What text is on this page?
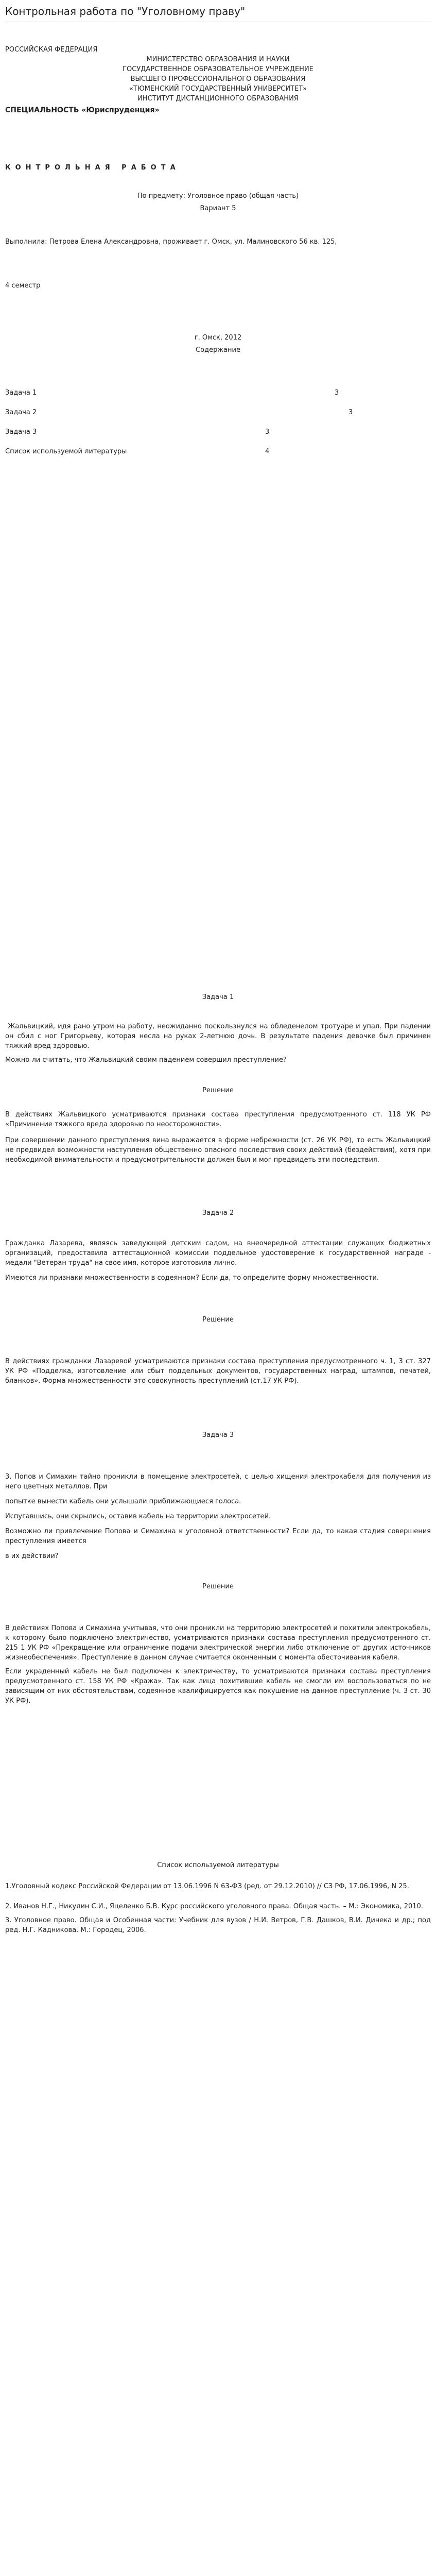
Контрольная работа по "Уголовному праву"

РОССИЙСКАЯ ФЕДЕРАЦИЯ

МИНИСТЕРСТВО ОБРАЗОВАНИЯ И НАУКИ

ГОСУДАРСТВЕННОЕ ОБРАЗОВАТЕЛЬНОЕ УЧРЕЖДЕНИЕ

ВЫСШЕГО ПРОФЕССИОНАЛЬНОГО ОБРАЗОВАНИЯ

«ТЮМЕНСКИЙ ГОСУДАРСТВЕННЫЙ УНИВЕРСИТЕТ»

ИНСТИТУТ ДИСТАНЦИОННОГО ОБРАЗОВАНИЯ

СПЕЦИАЛЬНОСТЬ «Юриспруденция»

КОНТРОЛЬНАЯ РАБОТА

По предмету: Уголовное право (общая часть)

Вариант 5

Выполнила: Петрова Елена Александровна, проживает г. Омск, ул. Малиновского 56 кв. 125,

4 семестр

г. Омск, 2012

Содержание

Задача 1	3
Задача 2	3
Задача 3	3
Список используемой литературы	4

Задача 1

Жальвицкий, идя рано утром на работу, неожиданно поскользнулся на обледенелом тротуаре и упал. При падении он сбил с ног Григорьеву, которая несла на руках 2-летнюю дочь. В результате падения девочке был причинен тяжкий вред здоровью.

Можно ли считать, что Жальвицкий своим падением совершил преступление?

Решение

В действиях Жальвицкого усматриваются признаки состава преступления предусмотренного ст. 118 УК РФ «Причинение тяжкого вреда здоровью по неосторожности».

При совершении данного преступления вина выражается в форме небрежности (ст. 26 УК РФ), то есть Жальвицкий не предвидел возможности наступления общественно опасного последствия своих действий (бездействия), хотя при необходимой внимательности и предусмотрительности должен был и мог предвидеть эти последствия.

Задача 2

Гражданка Лазарева, являясь заведующей детским садом, на внеочередной аттестации служащих бюджетных организаций, предоставила аттестационной комиссии поддельное удостоверение к государственной награде - медали "Ветеран труда" на свое имя, которое изготовила лично.

Имеются ли признаки множественности в содеянном? Если да, то определите форму множественности.

Решение

В действиях гражданки Лазаревой усматриваются признаки состава преступления предусмотренного ч. 1, 3 ст. 327 УК РФ «Подделка, изготовление или сбыт поддельных документов, государственных наград, штампов, печатей, бланков». Форма множественности это совокупность преступлений (ст.17 УК РФ).

Задача 3

3. Попов и Симахин тайно проникли в помещение электросетей, с целью хищения электрокабеля для получения из него цветных металлов. При

попытке вынести кабель они услышали приближающиеся голоса.

Испугавшись, они скрылись, оставив кабель на территории электросетей.

Возможно ли привлечение Попова и Симахина к уголовной ответственности? Если да, то какая стадия совершения преступления имеется

в их действии?

Решение

В действиях Попова и Симахина учитывая, что они проникли на территорию электросетей и похитили электрокабель, к которому было подключено электричество, усматриваются признаки состава преступления предусмотренного ст. 215 1 УК РФ «Прекращение или ограничение подачи электрической энергии либо отключение от других источников жизнеобеспечения». Преступление в данном случае считается оконченным с момента обесточивания кабеля.

Если украденный кабель не был подключен к электричеству, то усматриваются признаки состава преступления предусмотренного ст. 158 УК РФ «Кража». Так как лица похитившие кабель не смогли им воспользоваться по не зависящим от них обстоятельствам, содеянное квалифицируется как покушение на данное преступление (ч. 3 ст. 30 УК РФ).

Список используемой литературы

1.Уголовный кодекс Российской Федерации от 13.06.1996 N 63-ФЗ (ред. от 29.12.2010) // СЗ РФ, 17.06.1996, N 25.

2. Иванов Н.Г., Никулин С.И., Яцеленко Б.В. Курс российского уголовного права. Общая часть. – М.: Экономика, 2010.

3. Уголовное право. Общая и Особенная части: Учебник для вузов / Н.И. Ветров, Г.В. Дашков, В.И. Динека и др.; под ред. Н.Г. Кадникова. М.: Городец, 2006.
